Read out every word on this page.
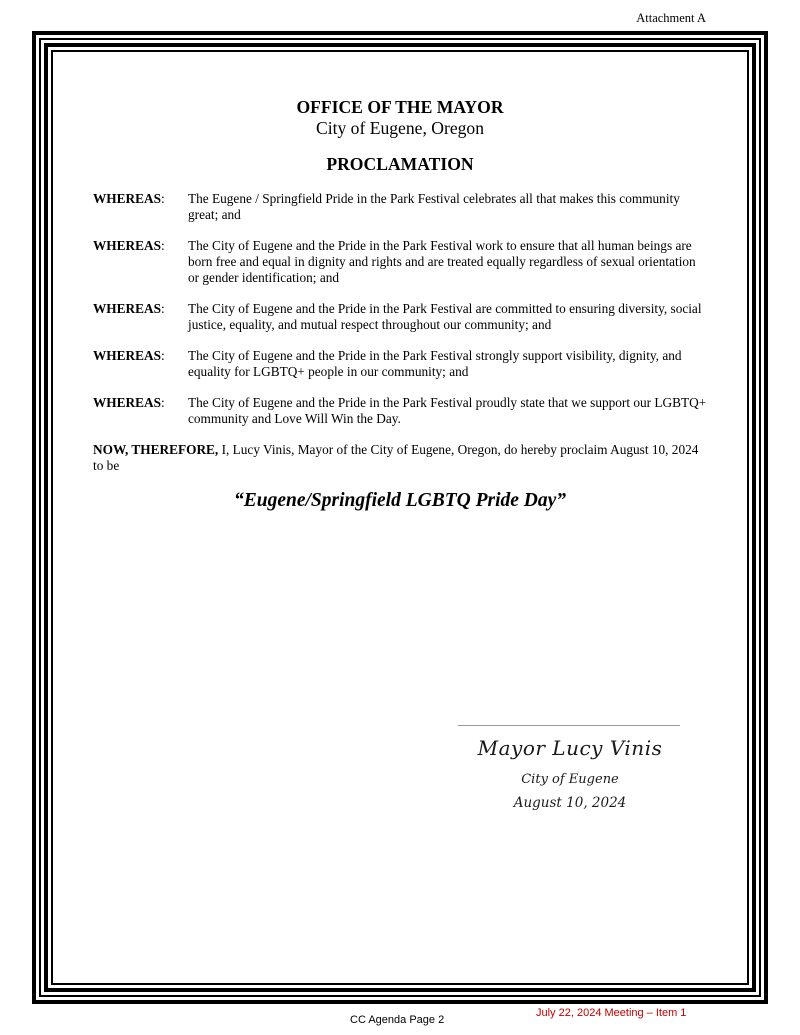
Attachment A
OFFICE OF THE MAYOR
City of Eugene, Oregon
PROCLAMATION
WHEREAS:	The Eugene / Springfield Pride in the Park Festival celebrates all that makes this community great; and
WHEREAS:	The City of Eugene and the Pride in the Park Festival work to ensure that all human beings are born free and equal in dignity and rights and are treated equally regardless of sexual orientation or gender identification; and
WHEREAS:	The City of Eugene and the Pride in the Park Festival are committed to ensuring diversity, social justice, equality, and mutual respect throughout our community; and
WHEREAS:	The City of Eugene and the Pride in the Park Festival strongly support visibility, dignity, and equality for LGBTQ+ people in our community; and
WHEREAS:	The City of Eugene and the Pride in the Park Festival proudly state that we support our LGBTQ+ community and Love Will Win the Day.
NOW, THEREFORE, I, Lucy Vinis, Mayor of the City of Eugene, Oregon, do hereby proclaim August 10, 2024 to be
“Eugene/Springfield LGBTQ Pride Day”
Mayor Lucy Vinis
City of Eugene
August 10, 2024
CC Agenda Page 2
July 22, 2024 Meeting – Item 1
